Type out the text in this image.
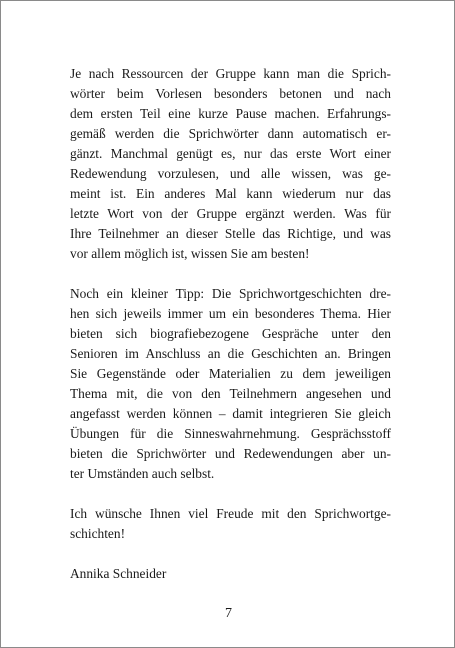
Je nach Ressourcen der Gruppe kann man die Sprich-
wörter beim Vorlesen besonders betonen und nach
dem ersten Teil eine kurze Pause machen. Erfahrungs-
gemäß werden die Sprichwörter dann automatisch er-
gänzt. Manchmal genügt es, nur das erste Wort einer
Redewendung vorzulesen, und alle wissen, was ge-
meint ist. Ein anderes Mal kann wiederum nur das
letzte Wort von der Gruppe ergänzt werden. Was für
Ihre Teilnehmer an dieser Stelle das Richtige, und was
vor allem möglich ist, wissen Sie am besten!

Noch ein kleiner Tipp: Die Sprichwortgeschichten dre-
hen sich jeweils immer um ein besonderes Thema. Hier
bieten sich biografiebezogene Gespräche unter den
Senioren im Anschluss an die Geschichten an. Bringen
Sie Gegenstände oder Materialien zu dem jeweiligen
Thema mit, die von den Teilnehmern angesehen und
angefasst werden können – damit integrieren Sie gleich
Übungen für die Sinneswahrnehmung. Gesprächsstoff
bieten die Sprichwörter und Redewendungen aber un-
ter Umständen auch selbst.

Ich wünsche Ihnen viel Freude mit den Sprichwortge-
schichten!

Annika Schneider

7
